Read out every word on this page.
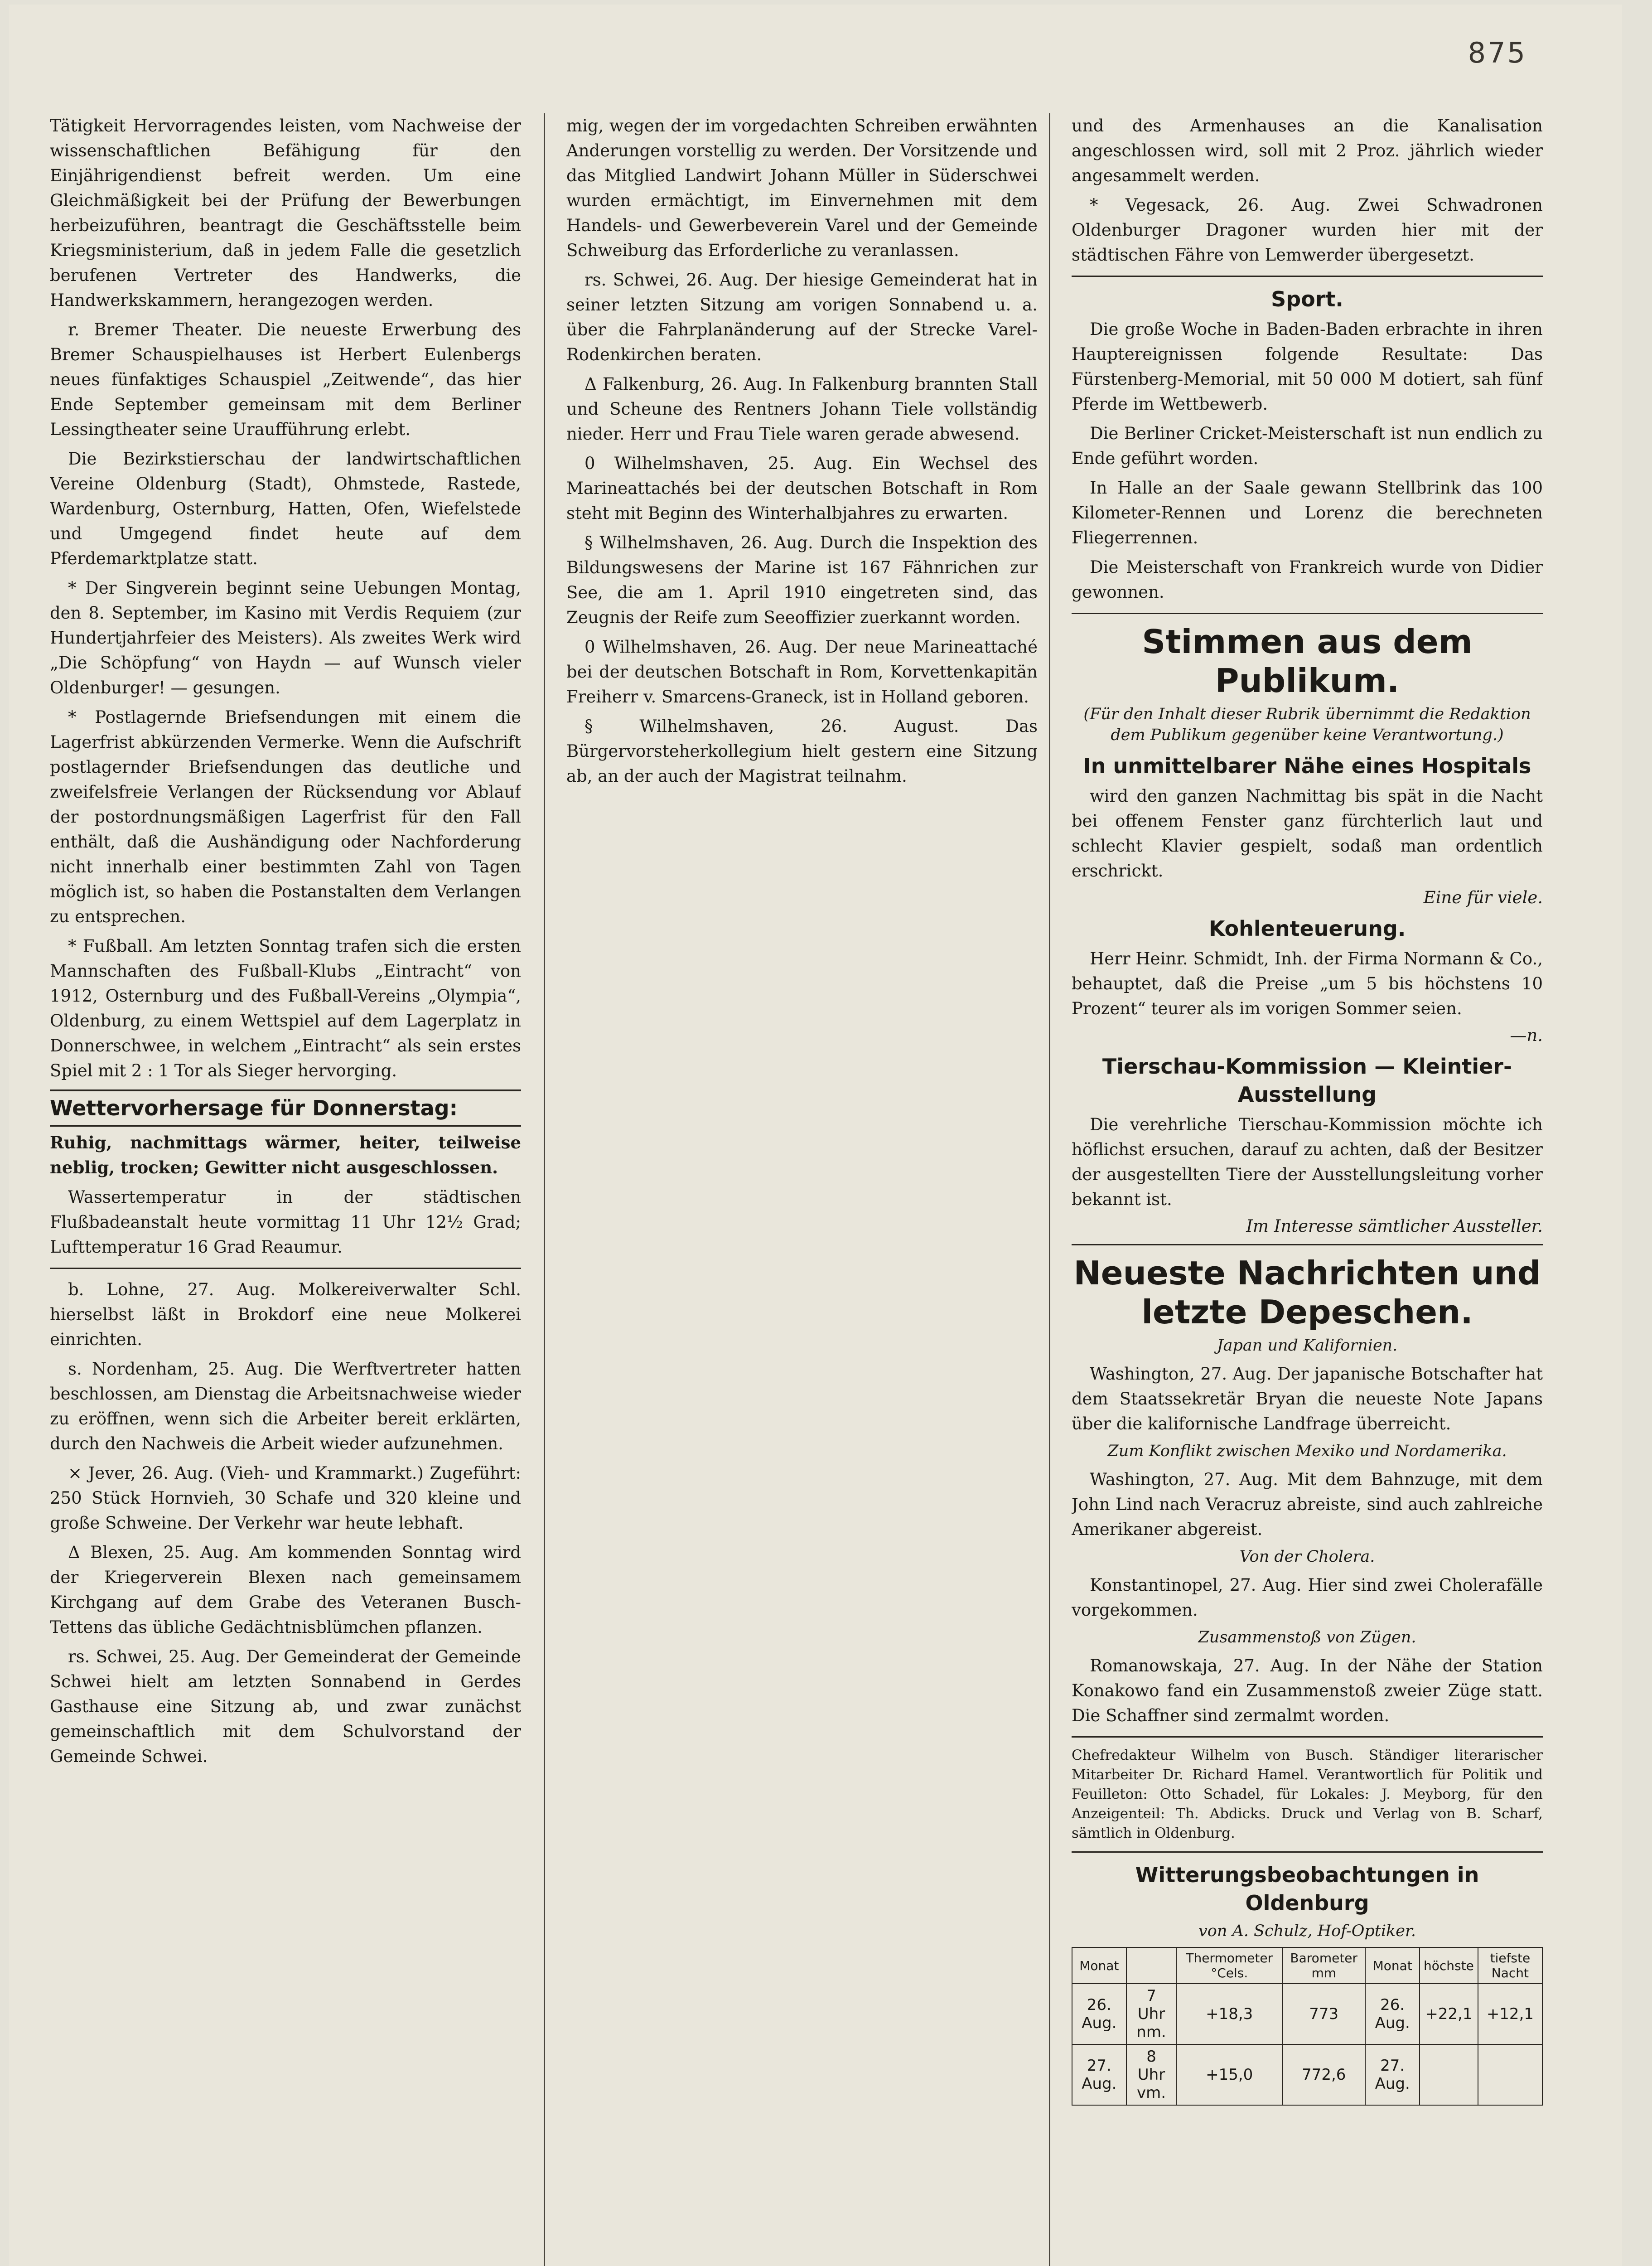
875

Tätigkeit Hervorragendes leisten, vom Nachweise der wissenschaftlichen Befähigung für den Einjährigendienst befreit werden. Um eine Gleichmäßigkeit bei der Prüfung der Bewerbungen herbeizuführen, beantragt die Geschäftsstelle beim Kriegsministerium, daß in jedem Falle die gesetzlich berufenen Vertreter des Handwerks, die Handwerkskammern, herangezogen werden.

r. Bremer Theater. Die neueste Erwerbung des Bremer Schauspielhauses ist Herbert Eulenbergs neues fünfaktiges Schauspiel „Zeitwende“, das hier Ende September gemeinsam mit dem Berliner Lessingtheater seine Uraufführung erlebt.

Die Bezirkstierschau der landwirtschaftlichen Vereine Oldenburg (Stadt), Ohmstede, Rastede, Wardenburg, Osternburg, Hatten, Ofen, Wiefelstede und Umgegend findet heute auf dem Pferdemarktplatze statt.

* Der Singverein beginnt seine Uebungen Montag, den 8. September, im Kasino mit Verdis Requiem (zur Hundertjahrfeier des Meisters). Als zweites Werk wird „Die Schöpfung“ von Haydn — auf Wunsch vieler Oldenburger! — gesungen.

* Postlagernde Briefsendungen mit einem die Lagerfrist abkürzenden Vermerke. Wenn die Aufschrift postlagernder Briefsendungen das deutliche und zweifelsfreie Verlangen der Rücksendung vor Ablauf der postordnungsmäßigen Lagerfrist für den Fall enthält, daß die Aushändigung oder Nachforderung nicht innerhalb einer bestimmten Zahl von Tagen möglich ist, so haben die Postanstalten dem Verlangen zu entsprechen.

* Fußball. Am letzten Sonntag trafen sich die ersten Mannschaften des Fußball-Klubs „Eintracht“ von 1912, Osternburg und des Fußball-Vereins „Olympia“, Oldenburg, zu einem Wettspiel auf dem Lagerplatz in Donnerschwee, in welchem „Eintracht“ als sein erstes Spiel mit 2 : 1 Tor als Sieger hervorging.

Wettervorhersage für Donnerstag:

Ruhig, nachmittags wärmer, heiter, teilweise neblig, trocken; Gewitter nicht ausgeschlossen.

Wassertemperatur in der städtischen Flußbadeanstalt heute vormittag 11 Uhr 12½ Grad; Lufttemperatur 16 Grad Reaumur.

b. Lohne, 27. Aug. Molkereiverwalter Schl. hierselbst läßt in Brokdorf eine neue Molkerei einrichten.

s. Nordenham, 25. Aug. Die Werftvertreter hatten beschlossen, am Dienstag die Arbeitsnachweise wieder zu eröffnen, wenn sich die Arbeiter bereit erklärten, durch den Nachweis die Arbeit wieder aufzunehmen.

× Jever, 26. Aug. (Vieh- und Krammarkt.) Zugeführt: 250 Stück Hornvieh, 30 Schafe und 320 kleine und große Schweine. Der Verkehr war heute lebhaft.

Δ Blexen, 25. Aug. Am kommenden Sonntag wird der Kriegerverein Blexen nach gemeinsamem Kirchgang auf dem Grabe des Veteranen Busch-Tettens das übliche Gedächtnisblümchen pflanzen.

rs. Schwei, 25. Aug. Der Gemeinderat der Gemeinde Schwei hielt am letzten Sonnabend in Gerdes Gasthause eine Sitzung ab, und zwar zunächst gemeinschaftlich mit dem Schulvorstand der Gemeinde Schwei.

mig, wegen der im vorgedachten Schreiben erwähnten Anderungen vorstellig zu werden. Der Vorsitzende und das Mitglied Landwirt Johann Müller in Süderschwei wurden ermächtigt, im Einvernehmen mit dem Handels- und Gewerbeverein Varel und der Gemeinde Schweiburg das Erforderliche zu veranlassen.

rs. Schwei, 26. Aug. Der hiesige Gemeinderat hat in seiner letzten Sitzung am vorigen Sonnabend u. a. über die Fahrplanänderung auf der Strecke Varel-Rodenkirchen beraten.

Δ Falkenburg, 26. Aug. In Falkenburg brannten Stall und Scheune des Rentners Johann Tiele vollständig nieder. Herr und Frau Tiele waren gerade abwesend.

0 Wilhelmshaven, 25. Aug. Ein Wechsel des Marineattachés bei der deutschen Botschaft in Rom steht mit Beginn des Winterhalbjahres zu erwarten.

§ Wilhelmshaven, 26. Aug. Durch die Inspektion des Bildungswesens der Marine ist 167 Fähnrichen zur See, die am 1. April 1910 eingetreten sind, das Zeugnis der Reife zum Seeoffizier zuerkannt worden.

0 Wilhelmshaven, 26. Aug. Der neue Marineattaché bei der deutschen Botschaft in Rom, Korvettenkapitän Freiherr v. Smarcens-Graneck, ist in Holland geboren.

§ Wilhelmshaven, 26. August. Das Bürgervorsteherkollegium hielt gestern eine Sitzung ab, an der auch der Magistrat teilnahm.

und des Armenhauses an die Kanalisation angeschlossen wird, soll mit 2 Proz. jährlich wieder angesammelt werden.

* Vegesack, 26. Aug. Zwei Schwadronen Oldenburger Dragoner wurden hier mit der städtischen Fähre von Lemwerder übergesetzt.

Sport.

Die große Woche in Baden-Baden erbrachte in ihren Hauptereignissen folgende Resultate: Das Fürstenberg-Memorial, mit 50 000 M dotiert, sah fünf Pferde im Wettbewerb.

Die Berliner Cricket-Meisterschaft ist nun endlich zu Ende geführt worden.

In Halle an der Saale gewann Stellbrink das 100 Kilometer-Rennen und Lorenz die berechneten Fliegerrennen.

Die Meisterschaft von Frankreich wurde von Didier gewonnen.

Stimmen aus dem Publikum.

(Für den Inhalt dieser Rubrik übernimmt die Redaktion dem Publikum gegenüber keine Verantwortung.)

In unmittelbarer Nähe eines Hospitals

wird den ganzen Nachmittag bis spät in die Nacht bei offenem Fenster ganz fürchterlich laut und schlecht Klavier gespielt, sodaß man ordentlich erschrickt.

Eine für viele.

Kohlenteuerung.

Herr Heinr. Schmidt, Inh. der Firma Normann & Co., behauptet, daß die Preise „um 5 bis höchstens 10 Prozent“ teurer als im vorigen Sommer seien.

—n.

Tierschau-Kommission — Kleintier-Ausstellung

Die verehrliche Tierschau-Kommission möchte ich höflichst ersuchen, darauf zu achten, daß der Besitzer der ausgestellten Tiere der Ausstellungsleitung vorher bekannt ist.

Im Interesse sämtlicher Aussteller.

Neueste Nachrichten und letzte Depeschen.

Japan und Kalifornien.

Washington, 27. Aug. Der japanische Botschafter hat dem Staatssekretär Bryan die neueste Note Japans über die kalifornische Landfrage überreicht.

Zum Konflikt zwischen Mexiko und Nordamerika.

Washington, 27. Aug. Mit dem Bahnzuge, mit dem John Lind nach Veracruz abreiste, sind auch zahlreiche Amerikaner abgereist.

Von der Cholera.

Konstantinopel, 27. Aug. Hier sind zwei Cholerafälle vorgekommen.

Zusammenstoß von Zügen.

Romanowskaja, 27. Aug. In der Nähe der Station Konakowo fand ein Zusammenstoß zweier Züge statt. Die Schaffner sind zermalmt worden.

Chefredakteur Wilhelm von Busch. Ständiger literarischer Mitarbeiter Dr. Richard Hamel. Verantwortlich für Politik und Feuilleton: Otto Schadel, für Lokales: J. Meyborg, für den Anzeigenteil: Th. Abdicks. Druck und Verlag von B. Scharf, sämtlich in Oldenburg.

Witterungsbeobachtungen in Oldenburg

von A. Schulz, Hof-Optiker.

Monat		Thermometer °Cels.	Barometer mm	Monat	höchste	tiefste Nacht
26. Aug.	7 Uhr nm.	+18,3	773	26. Aug.	+22,1	+12,1
27. Aug.	8 Uhr vm.	+15,0	772,6	27. Aug.		
